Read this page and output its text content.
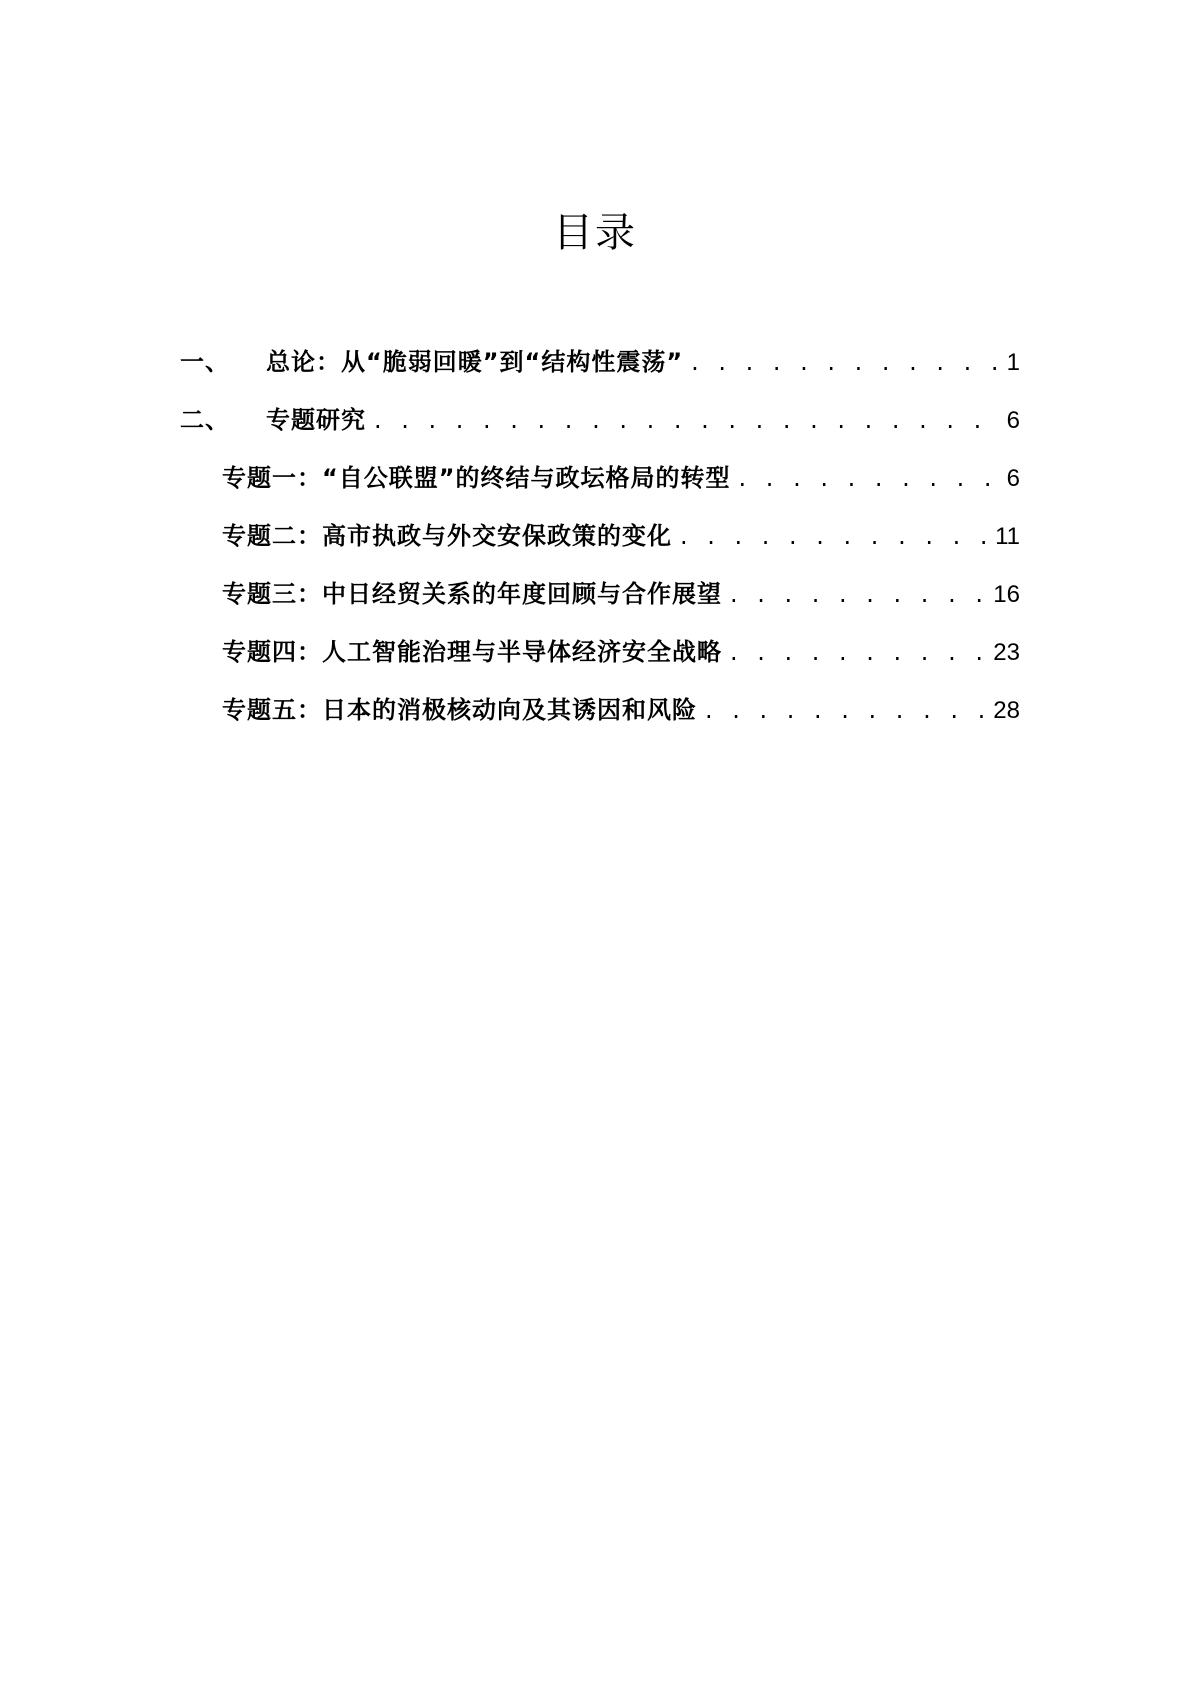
目录
一、	总论：从“脆弱回暖”到“结构性震荡” . . .	1
二、	专题研究 . . .	6
专题一：“自公联盟”的终结与政坛格局的转型 . . .	6
专题二：高市执政与外交安保政策的变化 . . .	11
专题三：中日经贸关系的年度回顾与合作展望 . . .	16
专题四：人工智能治理与半导体经济安全战略 . . .	23
专题五：日本的消极核动向及其诱因和风险 . . .	28
